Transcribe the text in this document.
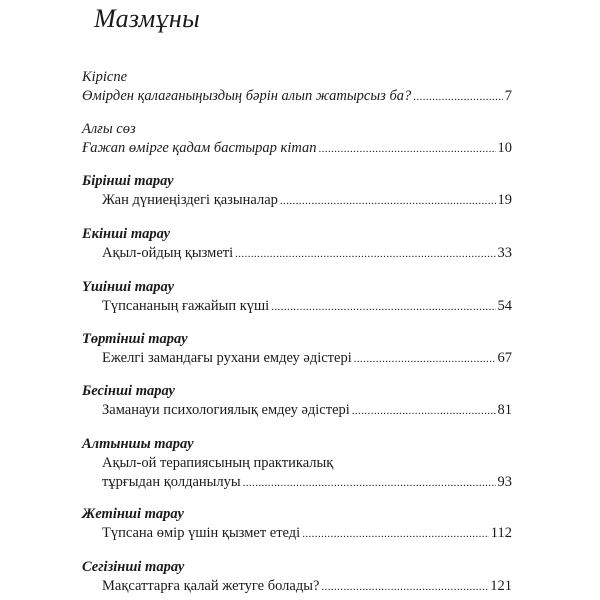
Мазмұны
Кіріспе
Өмірден қалағаныңыздың бәрін алып жатырсыз ба? .....	7
Алғы сөз
Ғажап өмірге қадам бастырар кітап .....	10
Бірінші тарау
Жан дүниеңіздегі қазыналар .....	19
Екінші тарау
Ақыл-ойдың қызметі .....	33
Үшінші тарау
Түпсананың ғажайып күші .....	54
Төртінші тарау
Ежелгі замандағы рухани емдеу әдістері .....	67
Бесінші тарау
Заманауи психологиялық емдеу әдістері .....	81
Алтыншы тарау
Ақыл-ой терапиясының практикалық
тұрғыдан қолданылуы .....	93
Жетінші тарау
Түпсана өмір үшін қызмет етеді .....	112
Сегізінші тарау
Мақсаттарға қалай жетуге болады? .....	121
